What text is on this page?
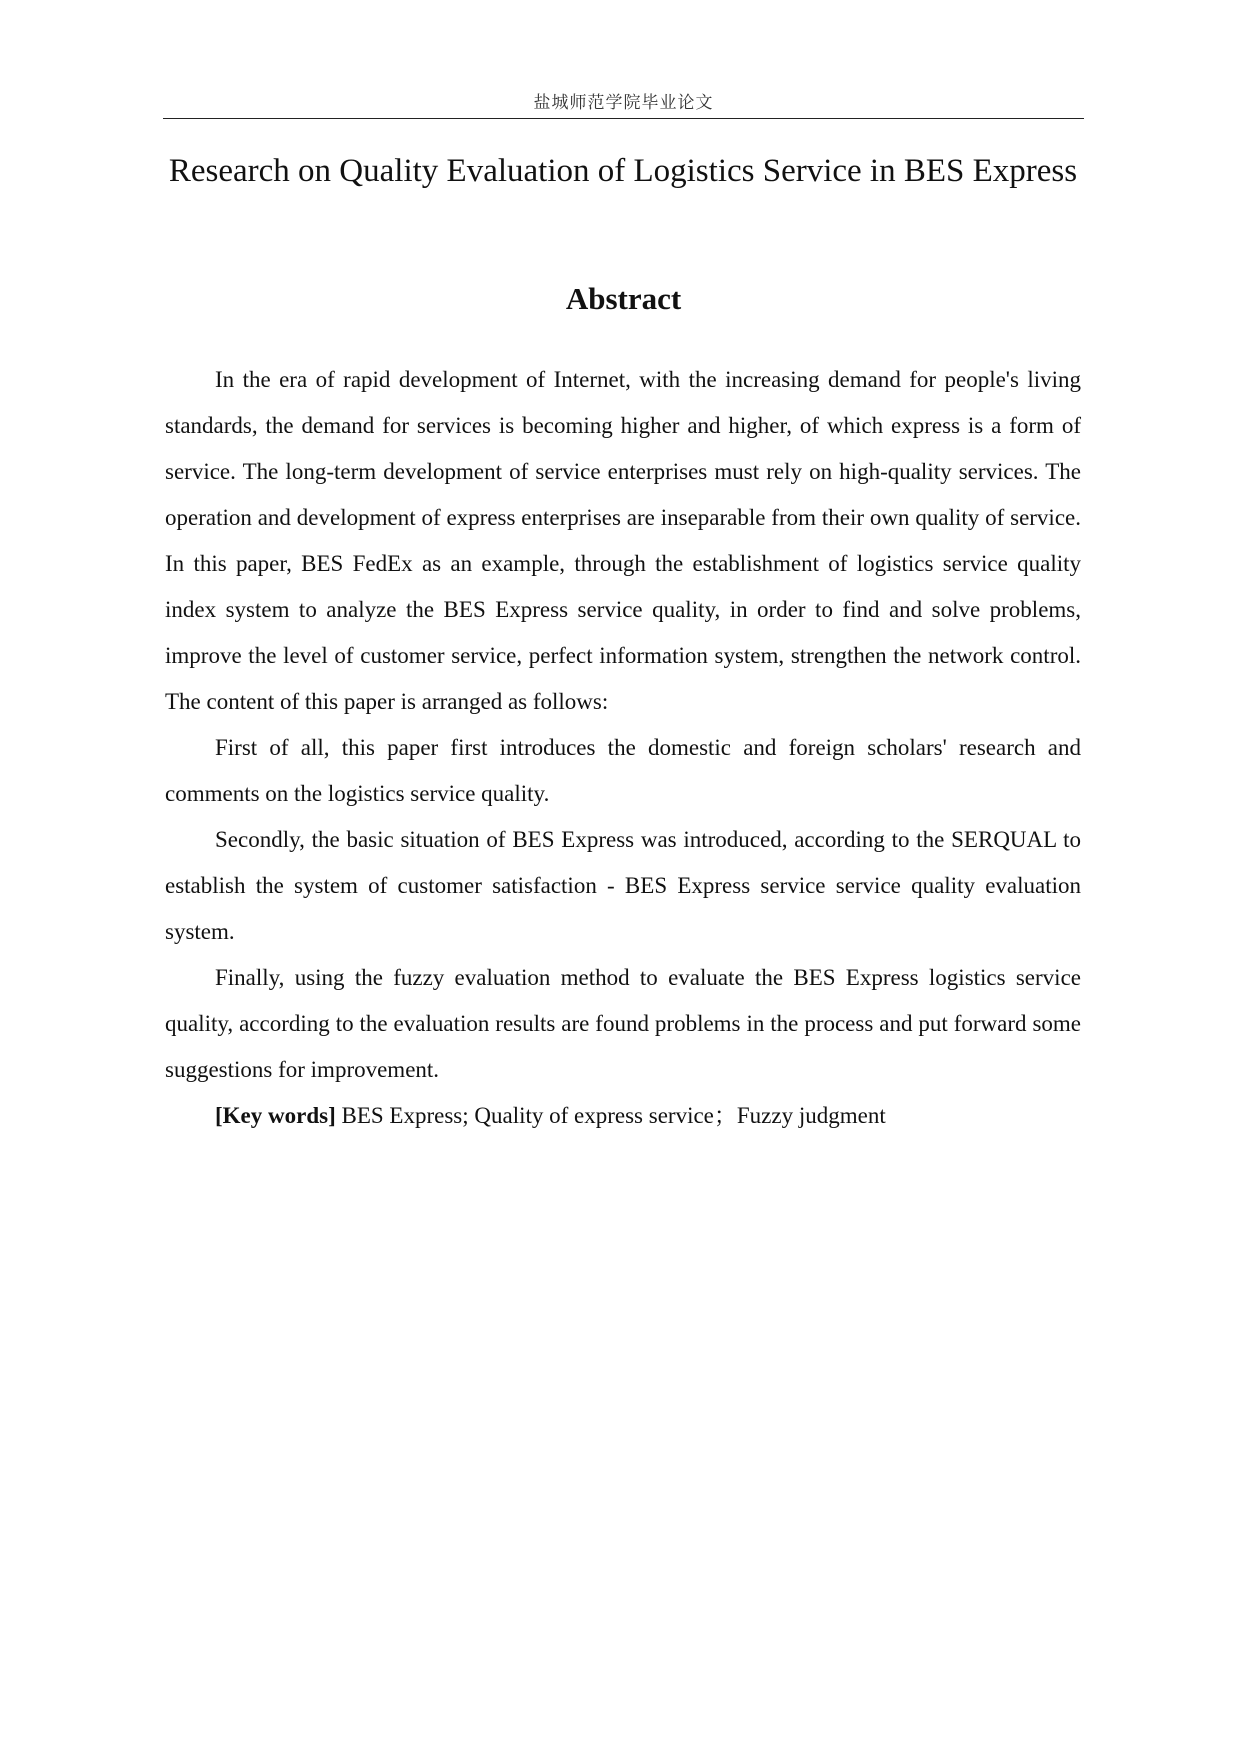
盐城师范学院毕业论文
Research on Quality Evaluation of Logistics Service in BES Express
Abstract

In the era of rapid development of Internet, with the increasing demand for people's living standards, the demand for services is becoming higher and higher, of which express is a form of service. The long-term development of service enterprises must rely on high-quality services. The operation and development of express enterprises are inseparable from their own quality of service. In this paper, BES FedEx as an example, through the establishment of logistics service quality index system to analyze the BES Express service quality, in order to find and solve problems, improve the level of customer service, perfect information system, strengthen the network control. The content of this paper is arranged as follows:

First of all, this paper first introduces the domestic and foreign scholars' research and comments on the logistics service quality.

Secondly, the basic situation of BES Express was introduced, according to the SERQUAL to establish the system of customer satisfaction - BES Express service service quality evaluation system.

Finally, using the fuzzy evaluation method to evaluate the BES Express logistics service quality, according to the evaluation results are found problems in the process and put forward some suggestions for improvement.

[Key words] BES Express; Quality of express service；Fuzzy judgment
